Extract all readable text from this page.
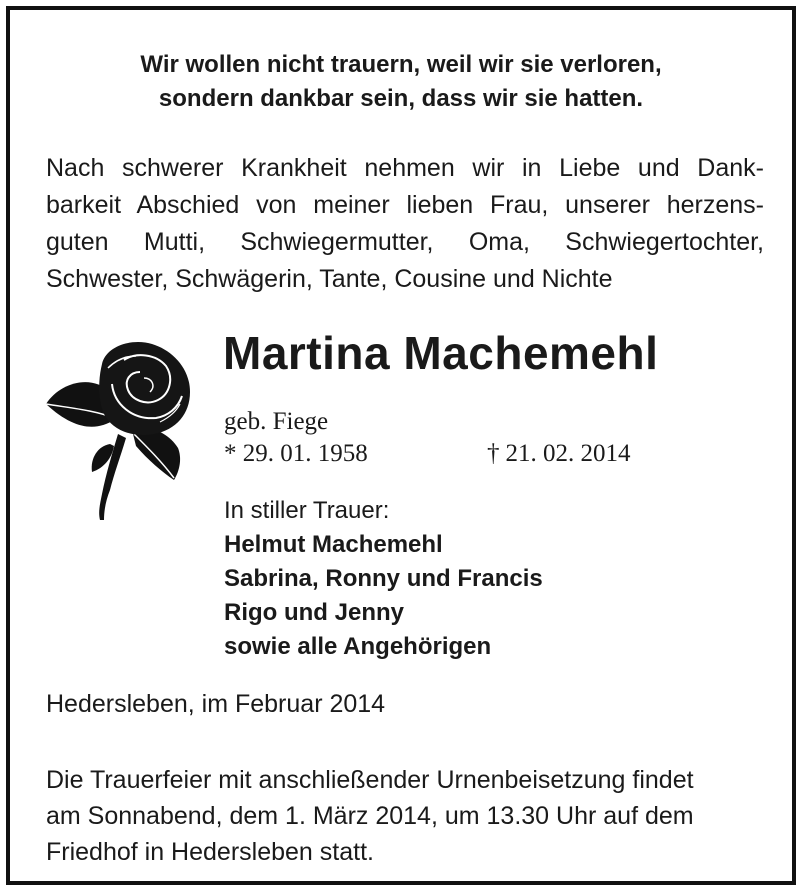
Wir wollen nicht trauern, weil wir sie verloren,
sondern dankbar sein, dass wir sie hatten.
Nach schwerer Krankheit nehmen wir in Liebe und Dank-
barkeit Abschied von meiner lieben Frau, unserer herzens-
guten Mutti, Schwiegermutter, Oma, Schwiegertochter,
Schwester, Schwägerin, Tante, Cousine und Nichte
Martina Machemehl
geb. Fiege
* 29. 01. 1958	† 21. 02. 2014
In stiller Trauer:
Helmut Machemehl
Sabrina, Ronny und Francis
Rigo und Jenny
sowie alle Angehörigen
Hedersleben, im Februar 2014
Die Trauerfeier mit anschließender Urnenbeisetzung findet
am Sonnabend, dem 1. März 2014, um 13.30 Uhr auf dem
Friedhof in Hedersleben statt.
